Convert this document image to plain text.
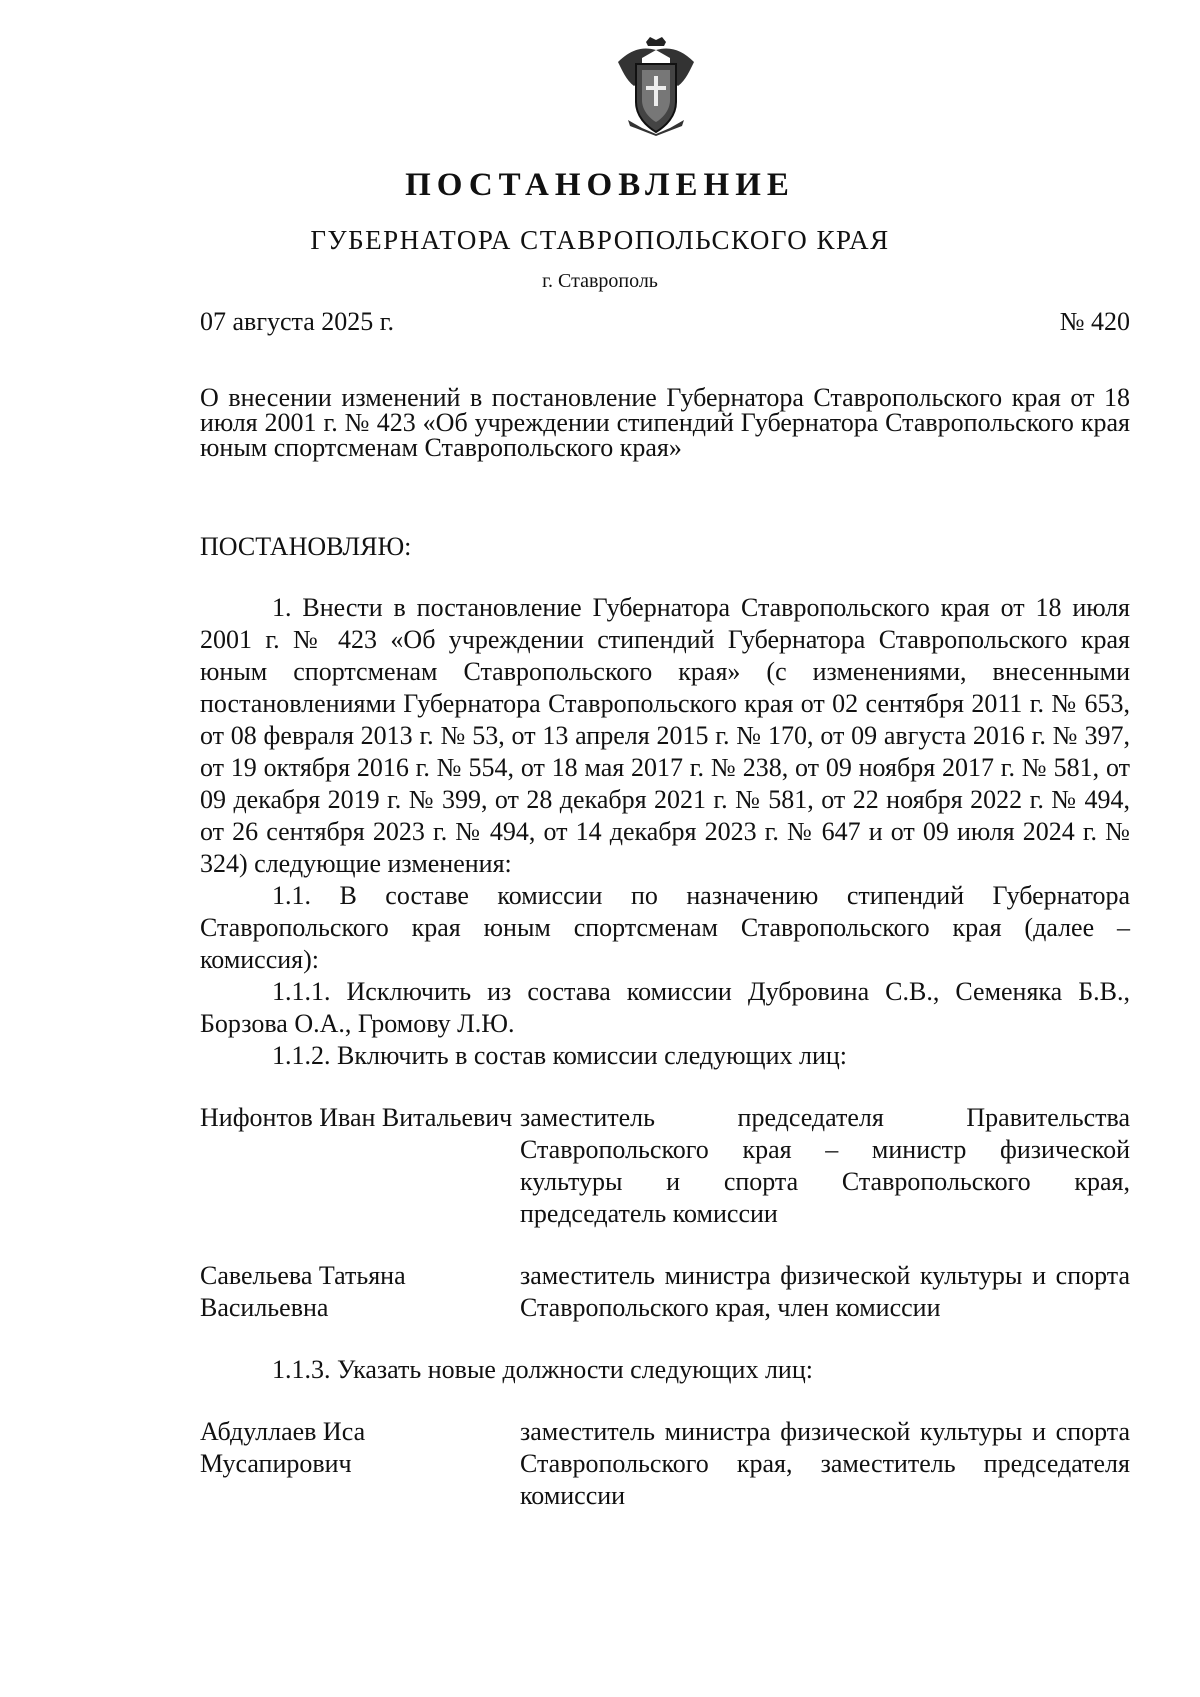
ПОСТАНОВЛЕНИЕ
ГУБЕРНАТОРА СТАВРОПОЛЬСКОГО КРАЯ
г. Ставрополь
07 августа 2025 г.	№ 420
О внесении изменений в постановление Губернатора Ставропольского края от 18 июля 2001 г. № 423 «Об учреждении стипендий Губернатора Ставропольского края юным спортсменам Ставропольского края»
ПОСТАНОВЛЯЮ:

1. Внести в постановление Губернатора Ставропольского края от 18 июля 2001 г. № 423 «Об учреждении стипендий Губернатора Ставропольского края юным спортсменам Ставропольского края» (с изменениями, внесенными постановлениями Губернатора Ставропольского края от 02 сентября 2011 г. № 653, от 08 февраля 2013 г. № 53, от 13 апреля 2015 г. № 170, от 09 августа 2016 г. № 397, от 19 октября 2016 г. № 554, от 18 мая 2017 г. № 238, от 09 ноября 2017 г. № 581, от 09 декабря 2019 г. № 399, от 28 декабря 2021 г. № 581, от 22 ноября 2022 г. № 494, от 26 сентября 2023 г. № 494, от 14 декабря 2023 г. № 647 и от 09 июля 2024 г. № 324) следующие изменения:

1.1. В составе комиссии по назначению стипендий Губернатора Ставропольского края юным спортсменам Ставропольского края (далее – комиссия):

1.1.1. Исключить из состава комиссии Дубровина С.В., Семеняка Б.В., Борзова О.А., Громову Л.Ю.

1.1.2. Включить в состав комиссии следующих лиц:

Нифонтов Иван Витальевич заместитель председателя Правительства Ставропольского края – министр физической культуры и спорта Ставропольского края, председатель комиссии
Савельева Татьяна Васильевна
заместитель министра физической культуры и спорта Ставропольского края, член комиссии

1.1.3. Указать новые должности следующих лиц:

Абдуллаев Иса Мусапирович
заместитель министра физической культуры и спорта Ставропольского края, заместитель председателя комиссии
